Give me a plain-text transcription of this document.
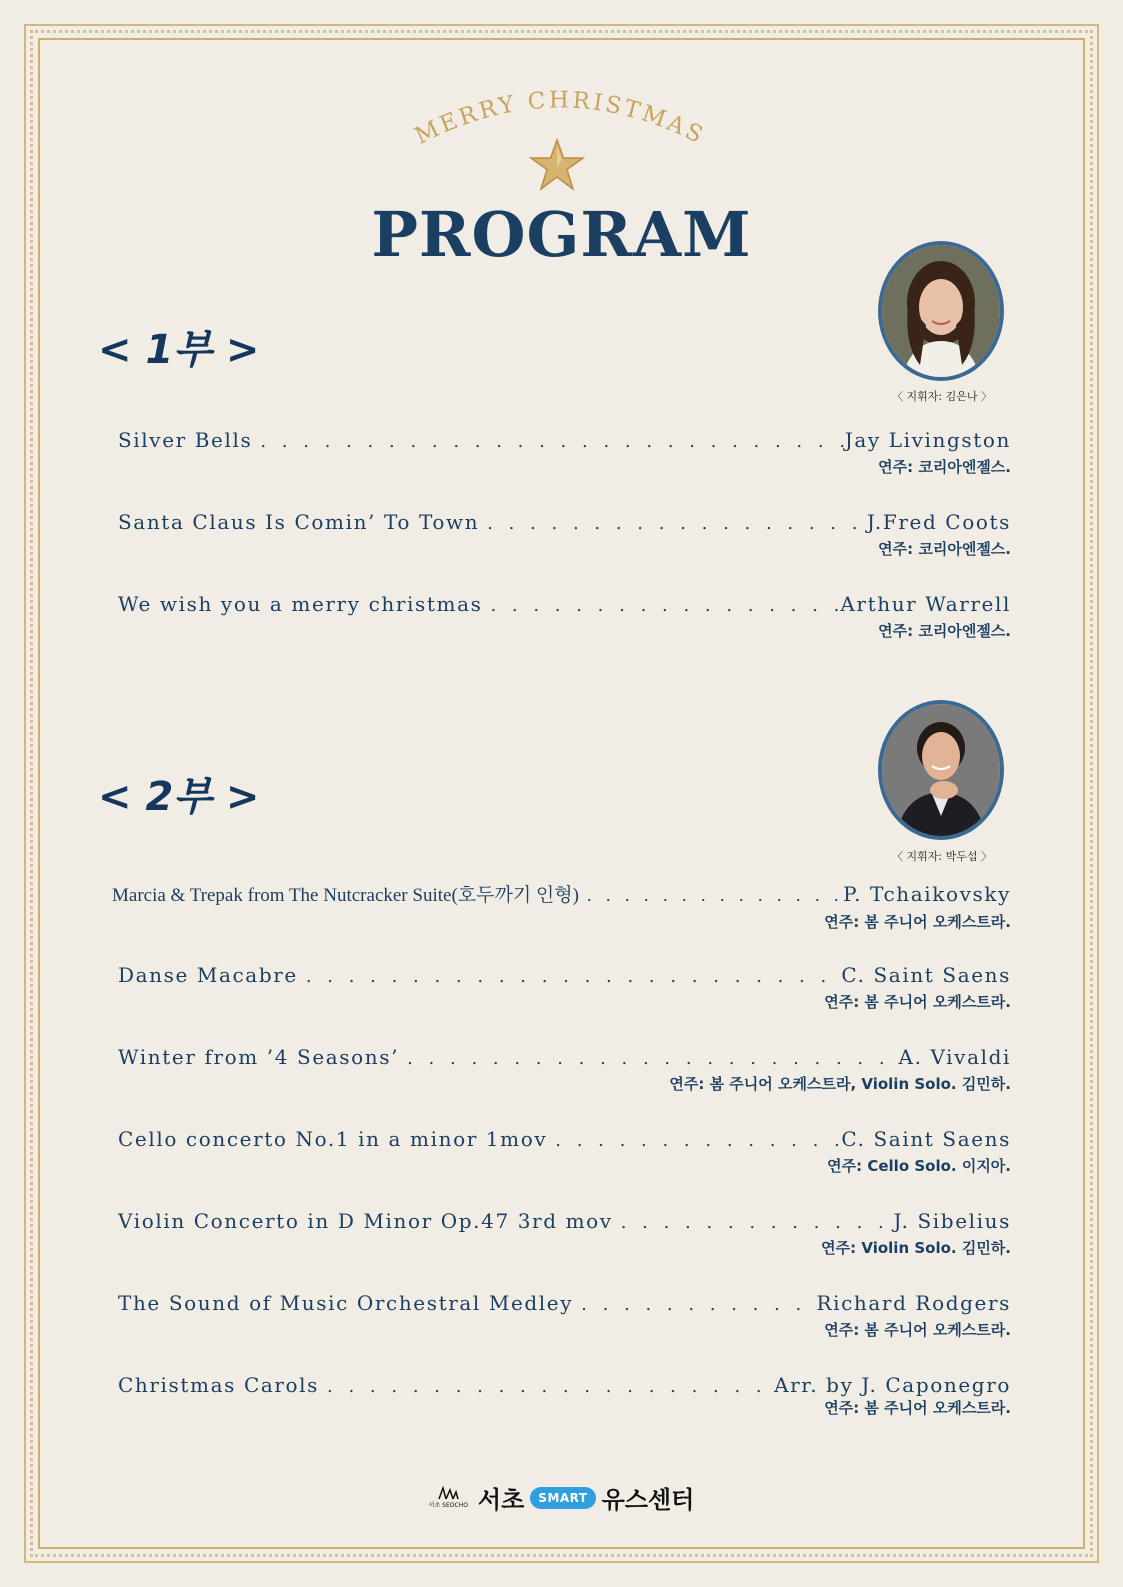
MERRY CHRISTMAS
PROGRAM
< 1부 >
〈 지휘자: 김은나 〉
Silver Bells . . .	Jay Livingston
연주: 코리아엔젤스.
Santa Claus Is Comin’ To Town . . .	J.Fred Coots
연주: 코리아엔젤스.
We wish you a merry christmas . . .	Arthur Warrell
연주: 코리아엔젤스.
< 2부 >
〈 지휘자: 박두섭 〉
Marcia & Trepak from The Nutcracker Suite(호두까기 인형) . . .	P. Tchaikovsky
연주: 봄 주니어 오케스트라.
Danse Macabre . . .	C. Saint Saens
연주: 봄 주니어 오케스트라.
Winter from ’4 Seasons’ . . .	A. Vivaldi
연주: 봄 주니어 오케스트라, Violin Solo. 김민하.
Cello concerto No.1 in a minor 1mov . . .	C. Saint Saens
연주: Cello Solo. 이지아.
Violin Concerto in D Minor Op.47 3rd mov . . .	J. Sibelius
연주: Violin Solo. 김민하.
The Sound of Music Orchestral Medley . . .	Richard Rodgers
연주: 봄 주니어 오케스트라.
Christmas Carols . . .	Arr. by J. Caponegro
연주: 봄 주니어 오케스트라.
서초 SEOCHO 서초	SMART 유스센터
